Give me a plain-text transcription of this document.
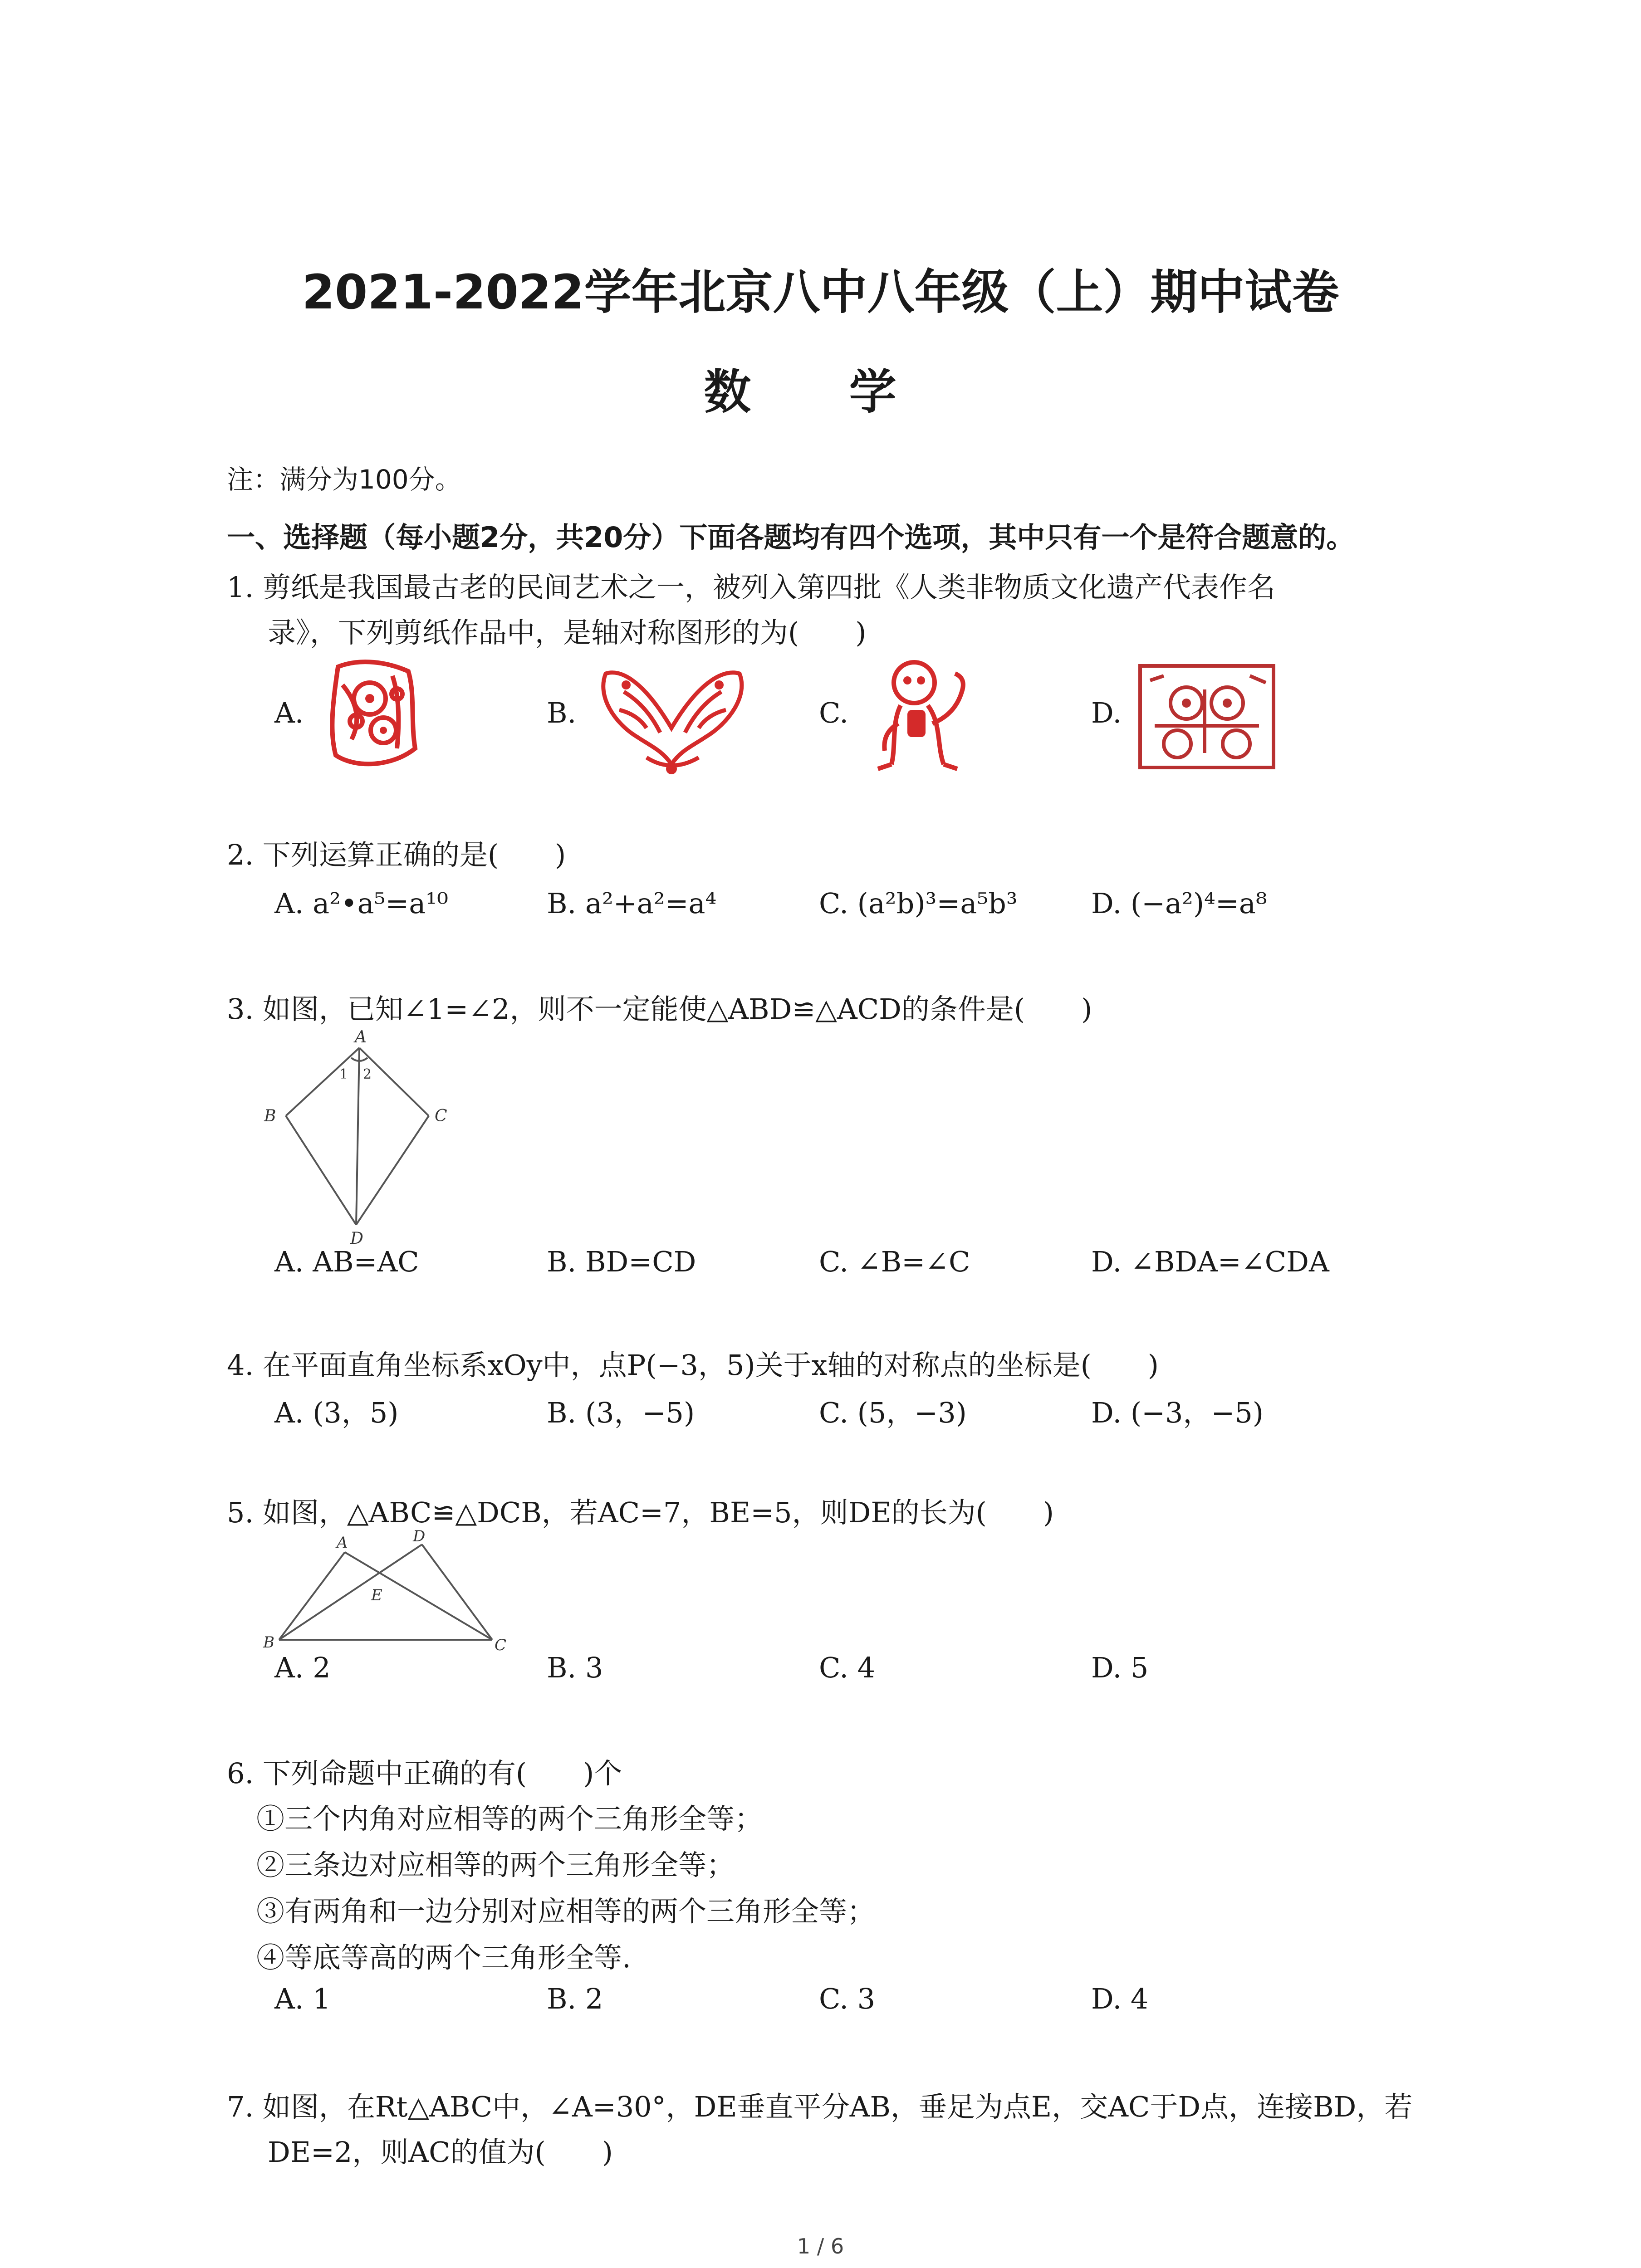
2021-2022学年北京八中八年级（上）期中试卷
数 学
注：满分为100分。
一、选择题（每小题2分，共20分）下面各题均有四个选项，其中只有一个是符合题意的。
1. 剪纸是我国最古老的民间艺术之一，被列入第四批《人类非物质文化遗产代表作名
录》，下列剪纸作品中，是轴对称图形的为(　　)
A.	B.	C.	D.
2. 下列运算正确的是(　　)
A. a²•a⁵=a¹⁰	B. a²+a²=a⁴	C. (a²b)³=a⁵b³	D. (−a²)⁴=a⁸
3. 如图，已知∠1=∠2，则不一定能使△ABD≌△ACD的条件是(　　)
A
B	C
D
1 2
A. AB=AC	B. BD=CD	C. ∠B=∠C	D. ∠BDA=∠CDA
4. 在平面直角坐标系xOy中，点P(−3，5)关于x轴的对称点的坐标是(　　)
A. (3，5)	B. (3，−5)	C. (5，−3)	D. (−3，−5)
5. 如图，△ABC≌△DCB，若AC=7，BE=5，则DE的长为(　　)
A	D
E
B	C
A. 2	B. 3	C. 4	D. 5
6. 下列命题中正确的有(　　)个
①三个内角对应相等的两个三角形全等；
②三条边对应相等的两个三角形全等；
③有两角和一边分别对应相等的两个三角形全等；
④等底等高的两个三角形全等.
A. 1	B. 2	C. 3	D. 4
7. 如图，在Rt△ABC中，∠A=30°，DE垂直平分AB，垂足为点E，交AC于D点，连接BD，若
DE=2，则AC的值为(　　)
1 / 6
